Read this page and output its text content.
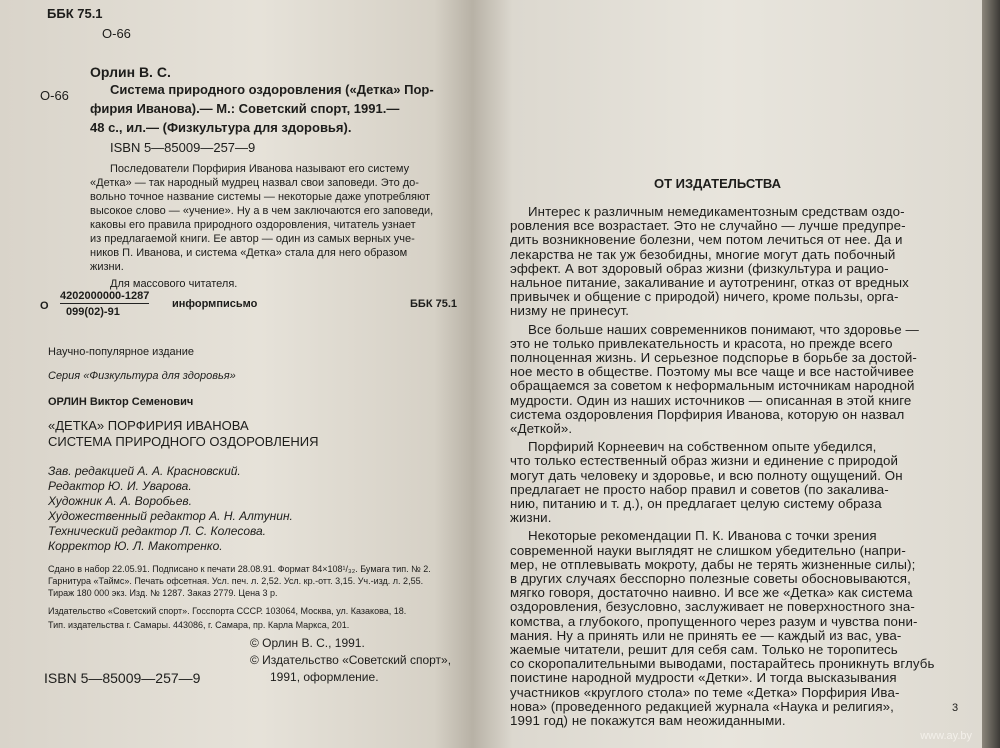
ББК 75.1
О-66
Орлин В. С.
О-66	Система природного оздоровления («Детка» Пор-
фирия Иванова).— М.: Советский спорт, 1991.—
48 с., ил.— (Физкультура для здоровья).
ISBN 5—85009—257—9
Последователи Порфирия Иванова называют его систему
«Детка» — так народный мудрец назвал свои заповеди. Это до-
вольно точное название системы — некоторые даже употребляют
высокое слово — «учение». Ну а в чем заключаются его заповеди,
каковы его правила природного оздоровления, читатель узнает
из предлагаемой книги. Ее автор — один из самых верных уче-
ников П. Иванова, и система «Детка» стала для него образом
жизни.
Для массового читателя.
О
4202000000-1287
099(02)-91
информписьмо	ББК 75.1
Научно-популярное издание
Серия «Физкультура для здоровья»
ОРЛИН Виктор Семенович
«ДЕТКА» ПОРФИРИЯ ИВАНОВА
СИСТЕМА ПРИРОДНОГО ОЗДОРОВЛЕНИЯ
Зав. редакцией А. А. Красновский.
Редактор Ю. И. Уварова.
Художник А. А. Воробьев.
Художественный редактор А. Н. Алтунин.
Технический редактор Л. С. Колесова.
Корректор Ю. Л. Макотренко.
Сдано в набор 22.05.91. Подписано к печати 28.08.91. Формат 84×108¹/₃₂. Бумага тип. № 2.
Гарнитура «Таймс». Печать офсетная. Усл. печ. л. 2,52. Усл. кр.-отт. 3,15. Уч.-изд. л. 2,55.
Тираж 180 000 экз. Изд. № 1287. Заказ 2779. Цена 3 р.
Издательство «Советский спорт». Госспорта СССР. 103064, Москва, ул. Казакова, 18.
Тип. издательства г. Самары. 443086, г. Самара, пр. Карла Маркса, 201.
ISBN 5—85009—257—9
© Орлин В. С., 1991.
© Издательство «Советский спорт»,
1991, оформление.
ОТ ИЗДАТЕЛЬСТВА
Интерес к различным немедикаментозным средствам оздо-
ровления все возрастает. Это не случайно — лучше предупре-
дить возникновение болезни, чем потом лечиться от нее. Да и
лекарства не так уж безобидны, многие могут дать побочный
эффект. А вот здоровый образ жизни (физкультура и рацио-
нальное питание, закаливание и аутотренинг, отказ от вредных
привычек и общение с природой) ничего, кроме пользы, орга-
низму не принесут.
Все больше наших современников понимают, что здоровье —
это не только привлекательность и красота, но прежде всего
полноценная жизнь. И серьезное подспорье в борьбе за достой-
ное место в обществе. Поэтому мы все чаще и все настойчивее
обращаемся за советом к неформальным источникам народной
мудрости. Один из наших источников — описанная в этой книге
система оздоровления Порфирия Иванова, которую он назвал
«Деткой».
Порфирий Корнеевич на собственном опыте убедился,
что только естественный образ жизни и единение с природой
могут дать человеку и здоровье, и всю полноту ощущений. Он
предлагает не просто набор правил и советов (по закалива-
нию, питанию и т. д.), он предлагает целую систему образа
жизни.
Некоторые рекомендации П. К. Иванова с точки зрения
современной науки выглядят не слишком убедительно (напри-
мер, не отплевывать мокроту, дабы не терять жизненные силы);
в других случаях бесспорно полезные советы обосновываются,
мягко говоря, достаточно наивно. И все же «Детка» как система
оздоровления, безусловно, заслуживает не поверхностного зна-
комства, а глубокого, пропущенного через разум и чувства пони-
мания. Ну а принять или не принять ее — каждый из вас, ува-
жаемые читатели, решит для себя сам. Только не торопитесь
со скоропалительными выводами, постарайтесь проникнуть вглубь
поистине народной мудрости «Детки». И тогда высказывания
участников «круглого стола» по теме «Детка» Порфирия Ива-
нова» (проведенного редакцией журнала «Наука и религия»,
1991 год) не покажутся вам неожиданными.
3
www.ay.by
